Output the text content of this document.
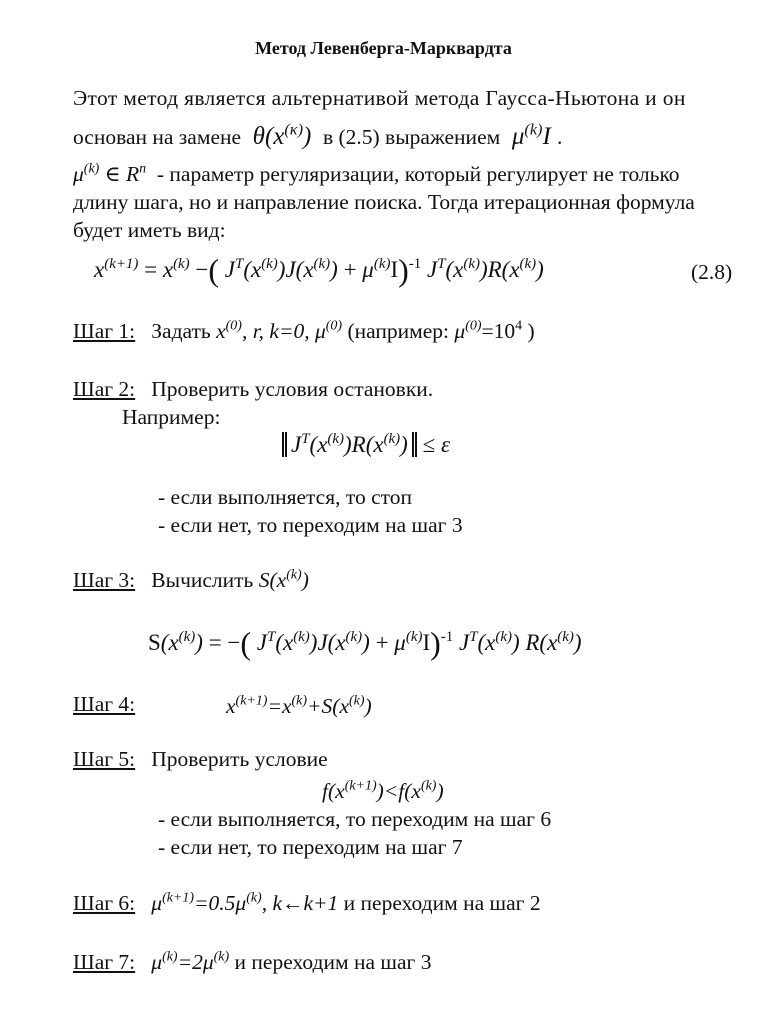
Метод Левенберга-Марквардта
Этот метод является альтернативой метода Гаусса-Ньютона и он
основан на замене  $\theta(x^{(\kappa)})$  в (2.5) выражением  $\mu^{(k)}I$ .
$\mu^{(k)}$ ∈ $R^n$ - параметр регуляризации, который регулирует не только
длину шага, но и направление поиска. Тогда итерационная формула
будет иметь вид:
$x^{(k+1)} = x^{(k)}$ −( $J^T(x^{(k)})J(x^{(k)}) + \mu^{(k)}I)^{-1}$ $J^T(x^{(k)})R(x^{(k)})$	(2.8)
Шаг 1: Задать $x^{(0)}$, r, k=0, $\mu^{(0)}$ (например: $\mu^{(0)}=10^4$ )
Шаг 2: Проверить условия остановки.
Например:
$J^T(x^{(k)})R(x^{(k)}) \le \varepsilon$
- если выполняется, то стоп
- если нет, то переходим на шаг 3
Шаг 3: Вычислить $S(x^{(k)})$
$S(x^{(k)})$ = −( $J^T(x^{(k)})J(x^{(k)}) + \mu^{(k)}I)^{-1}$ $J^T(x^{(k)})$ $R(x^{(k)})$
Шаг 4:	$x^{(k+1)}=x^{(k)}+S(x^{(k)})$
Шаг 5: Проверить условие
$f(x^{(k+1)})<f(x^{(k)})$
- если выполняется, то переходим на шаг 6
- если нет, то переходим на шаг 7
Шаг 6: $\mu^{(k+1)}=0.5\mu^{(k)}$, k←k+1 и переходим на шаг 2
Шаг 7: $\mu^{(k)}=2\mu^{(k)}$ и переходим на шаг 3
